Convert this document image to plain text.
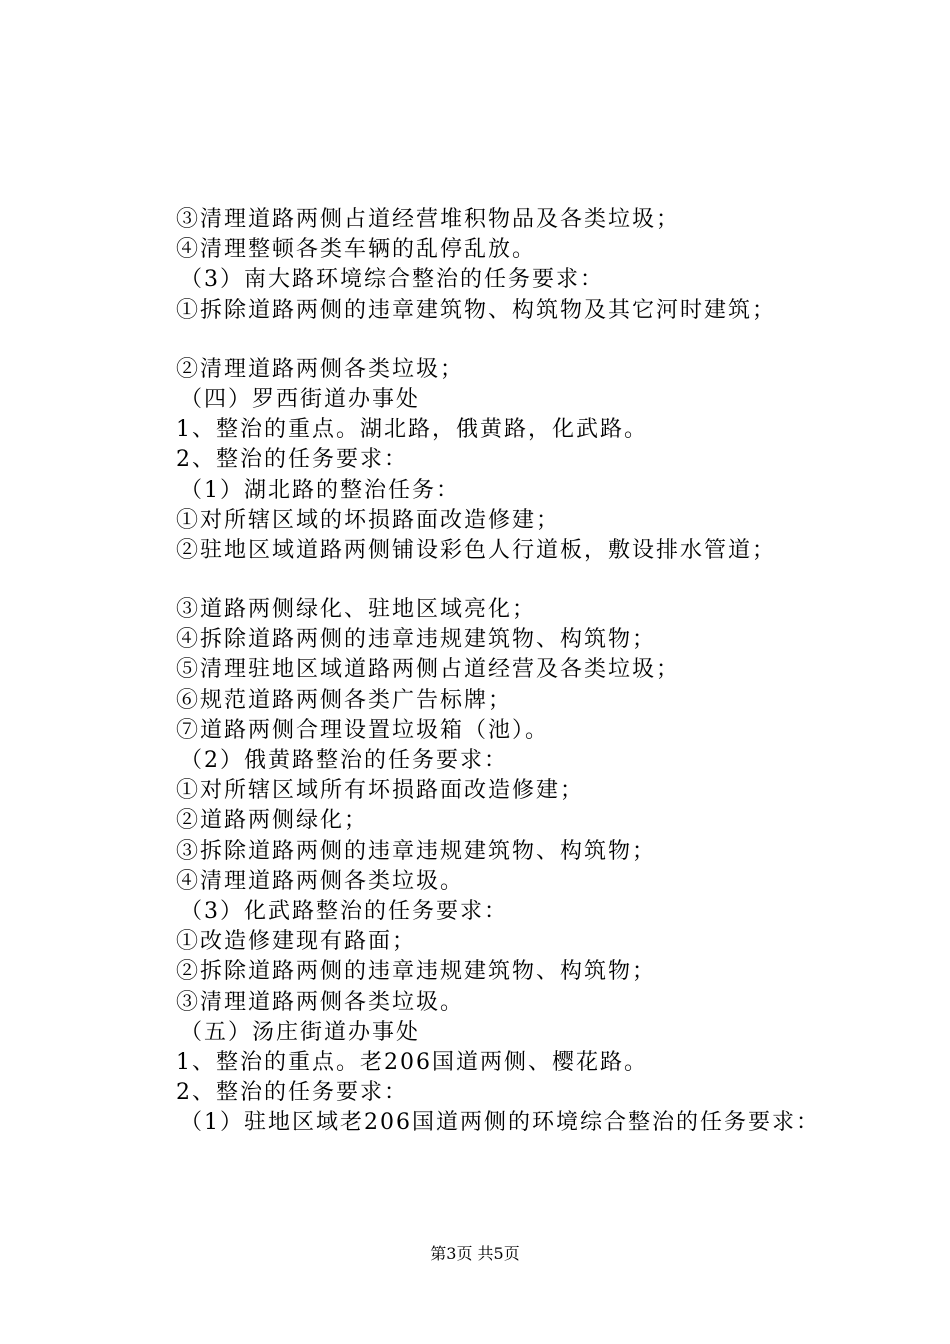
③清理道路两侧占道经营堆积物品及各类垃圾；
④清理整顿各类车辆的乱停乱放。
（3）南大路环境综合整治的任务要求：
①拆除道路两侧的违章建筑物、构筑物及其它河时建筑；
②清理道路两侧各类垃圾；
（四）罗西街道办事处
1、整治的重点。湖北路，俄黄路，化武路。
2、整治的任务要求：
（1）湖北路的整治任务：
①对所辖区域的坏损路面改造修建；
②驻地区域道路两侧铺设彩色人行道板，敷设排水管道；
③道路两侧绿化、驻地区域亮化；
④拆除道路两侧的违章违规建筑物、构筑物；
⑤清理驻地区域道路两侧占道经营及各类垃圾；
⑥规范道路两侧各类广告标牌；
⑦道路两侧合理设置垃圾箱（池）。
（2）俄黄路整治的任务要求：
①对所辖区域所有坏损路面改造修建；
②道路两侧绿化；
③拆除道路两侧的违章违规建筑物、构筑物；
④清理道路两侧各类垃圾。
（3）化武路整治的任务要求：
①改造修建现有路面；
②拆除道路两侧的违章违规建筑物、构筑物；
③清理道路两侧各类垃圾。
（五）汤庄街道办事处
1、整治的重点。老206国道两侧、樱花路。
2、整治的任务要求：
（1）驻地区域老206国道两侧的环境综合整治的任务要求：
第3页 共5页
